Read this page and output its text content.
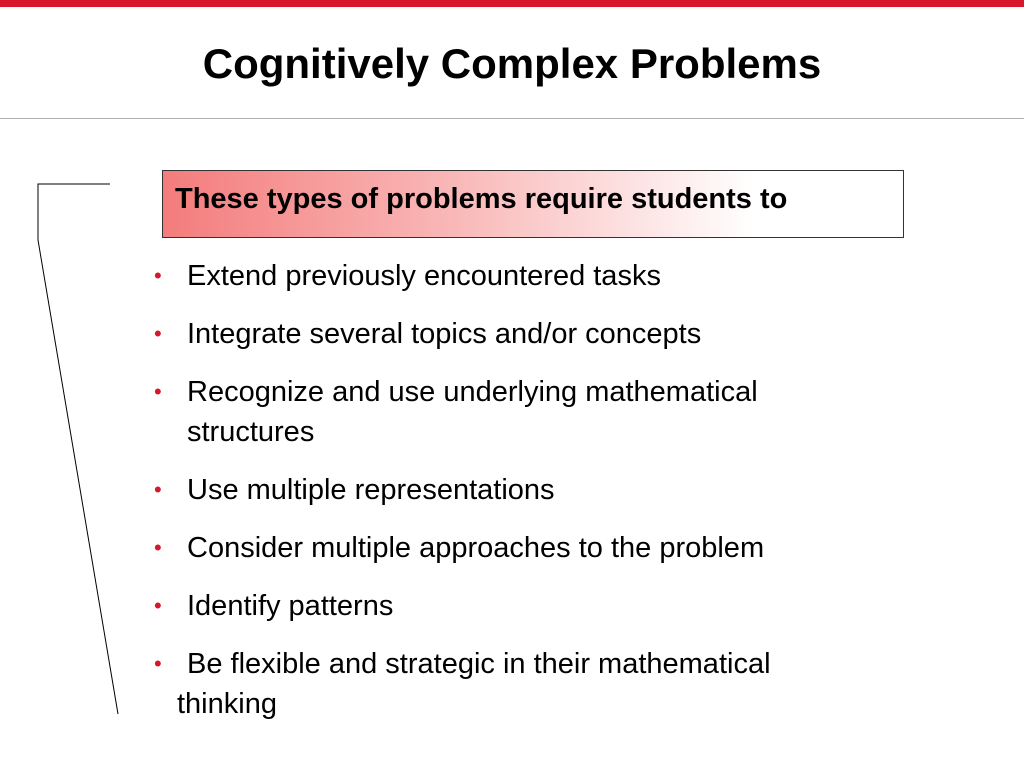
Cognitively Complex Problems
These types of problems require students to
• Extend previously encountered tasks
• Integrate several topics and/or concepts
• Recognize and use underlying mathematical structures
• Use multiple representations
• Consider multiple approaches to the problem
• Identify patterns
• Be flexible and strategic in their mathematical
thinking
